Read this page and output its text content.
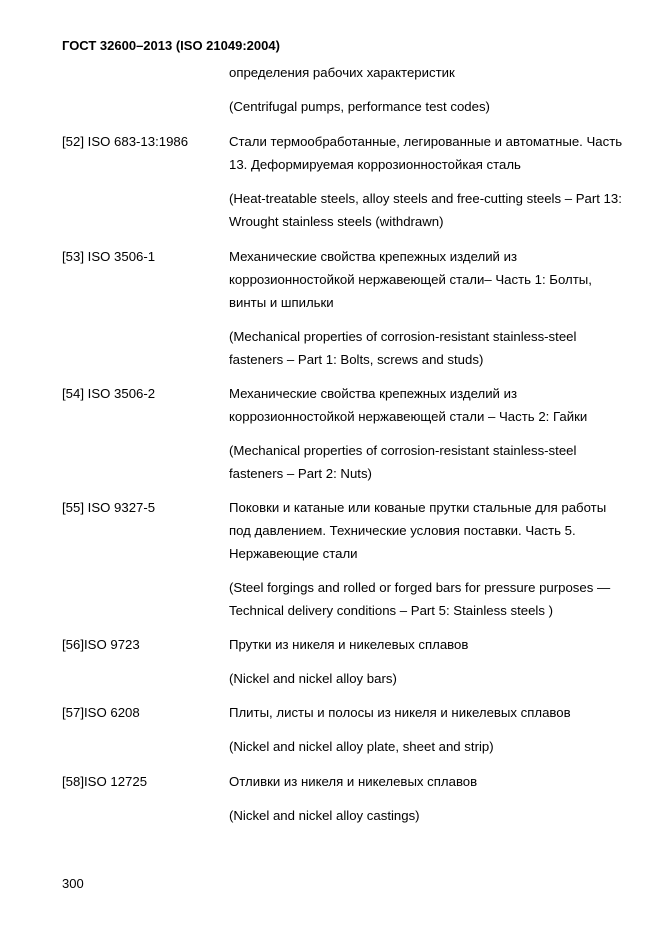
ГОСТ 32600–2013 (ISO 21049:2004)
определения рабочих характеристик
(Centrifugal pumps, performance test codes)
[52] ISO 683-13:1986	Стали термообработанные, легированные и автоматные. Часть
13. Деформируемая коррозионностойкая сталь
(Heat-treatable steels, alloy steels and free-cutting steels – Part 13:
Wrought stainless steels (withdrawn)
[53] ISO 3506-1	Механические свойства крепежных изделий из
коррозионностойкой нержавеющей стали– Часть 1: Болты,
винты и шпильки
(Mechanical properties of corrosion-resistant stainless-steel
fasteners – Part 1: Bolts, screws and studs)
[54] ISO 3506-2	Механические свойства крепежных изделий из
коррозионностойкой нержавеющей стали – Часть 2: Гайки
(Mechanical properties of corrosion-resistant stainless-steel
fasteners – Part 2: Nuts)
[55] ISO 9327-5	Поковки и катаные или кованые прутки стальные для работы
под давлением. Технические условия поставки. Часть 5.
Нержавеющие стали
(Steel forgings and rolled or forged bars for pressure purposes —
Technical delivery conditions – Part 5: Stainless steels )
[56]ISO 9723	Прутки из никеля и никелевых сплавов
(Nickel and nickel alloy bars)
[57]ISO 6208	Плиты, листы и полосы из никеля и никелевых сплавов
(Nickel and nickel alloy plate, sheet and strip)
[58]ISO 12725	Отливки из никеля и никелевых сплавов
(Nickel and nickel alloy castings)
300
